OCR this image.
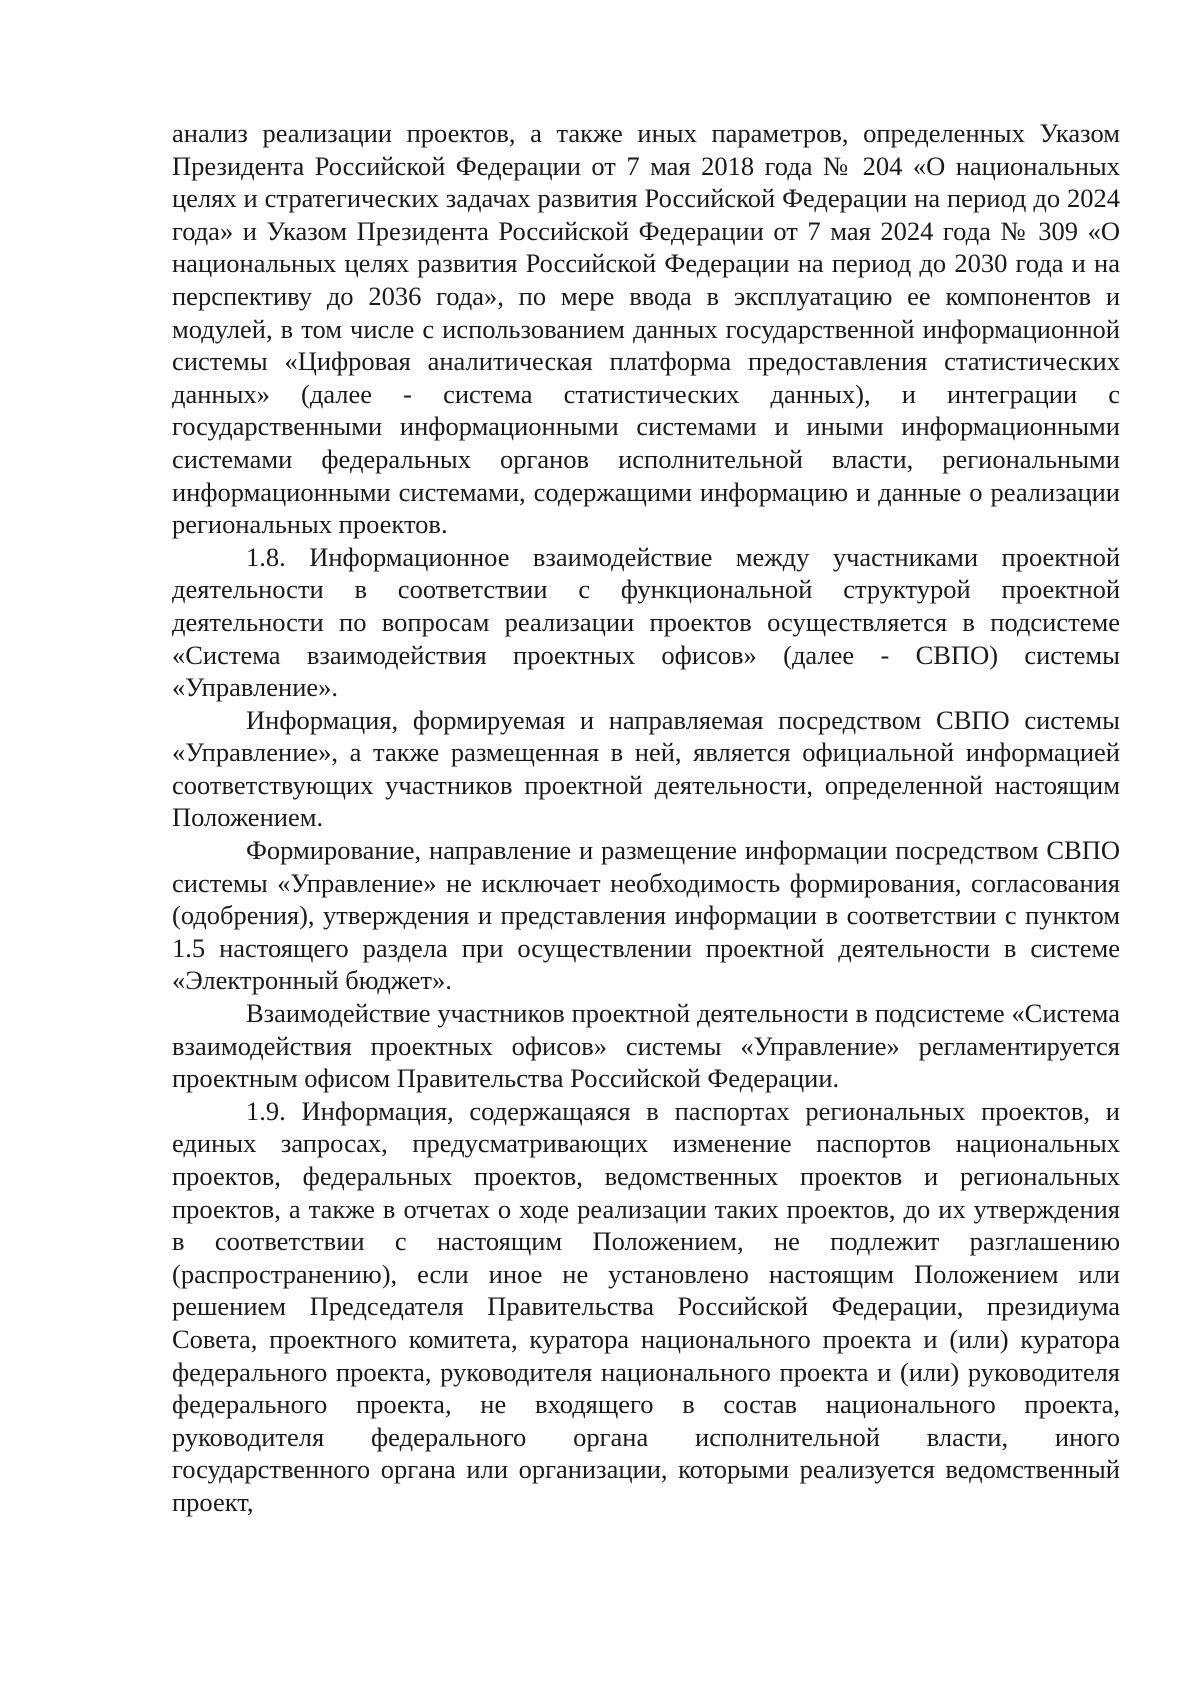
анализ реализации проектов, а также иных параметров, определенных Указом Президента Российской Федерации от 7 мая 2018 года № 204 «О национальных целях и стратегических задачах развития Российской Федерации на период до 2024 года» и Указом Президента Российской Федерации от 7 мая 2024 года № 309 «О национальных целях развития Российской Федерации на период до 2030 года и на перспективу до 2036 года», по мере ввода в эксплуатацию ее компонентов и модулей, в том числе с использованием данных государственной информационной системы «Цифровая аналитическая платформа предоставления статистических данных» (далее - система статистических данных), и интеграции с государственными информационными системами и иными информационными системами федеральных органов исполнительной власти, региональными информационными системами, содержащими информацию и данные о реализации региональных проектов.

1.8. Информационное взаимодействие между участниками проектной деятельности в соответствии с функциональной структурой проектной деятельности по вопросам реализации проектов осуществляется в подсистеме «Система взаимодействия проектных офисов» (далее - СВПО) системы «Управление».

Информация, формируемая и направляемая посредством СВПО системы «Управление», а также размещенная в ней, является официальной информацией соответствующих участников проектной деятельности, определенной настоящим Положением.

Формирование, направление и размещение информации посредством СВПО системы «Управление» не исключает необходимость формирования, согласования (одобрения), утверждения и представления информации в соответствии с пунктом 1.5 настоящего раздела при осуществлении проектной деятельности в системе «Электронный бюджет».

Взаимодействие участников проектной деятельности в подсистеме «Система взаимодействия проектных офисов» системы «Управление» регламентируется проектным офисом Правительства Российской Федерации.

1.9. Информация, содержащаяся в паспортах региональных проектов, и единых запросах, предусматривающих изменение паспортов национальных проектов, федеральных проектов, ведомственных проектов и региональных проектов, а также в отчетах о ходе реализации таких проектов, до их утверждения в соответствии с настоящим Положением, не подлежит разглашению (распространению), если иное не установлено настоящим Положением или решением Председателя Правительства Российской Федерации, президиума Совета, проектного комитета, куратора национального проекта и (или) куратора федерального проекта, руководителя национального проекта и (или) руководителя федерального проекта, не входящего в состав национального проекта, руководителя федерального органа исполнительной власти, иного государственного органа или организации, которыми реализуется ведомственный проект,
